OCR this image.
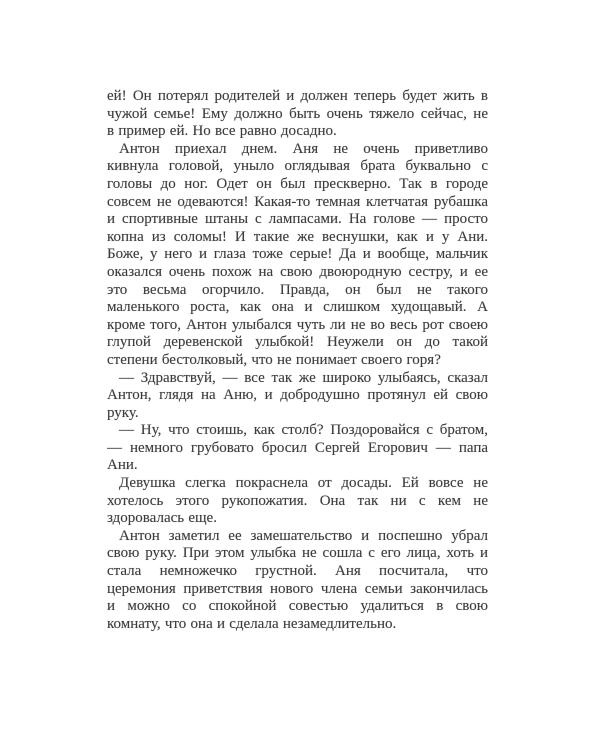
ей! Он потерял родителей и должен теперь будет жить в
чужой семье! Ему должно быть очень тяжело сейчас, не
в пример ей. Но все равно досадно.
Антон приехал днем. Аня не очень приветливо
кивнула головой, уныло оглядывая брата буквально с
головы до ног. Одет он был прескверно. Так в городе
совсем не одеваются! Какая-то темная клетчатая рубашка
и спортивные штаны с лампасами. На голове — просто
копна из соломы! И такие же веснушки, как и у Ани.
Боже, у него и глаза тоже серые! Да и вообще, мальчик
оказался очень похож на свою двоюродную сестру, и ее
это весьма огорчило. Правда, он был не такого
маленького роста, как она и слишком худощавый. А
кроме того, Антон улыбался чуть ли не во весь рот своею
глупой деревенской улыбкой! Неужели он до такой
степени бестолковый, что не понимает своего горя?
— Здравствуй, — все так же широко улыбаясь, сказал
Антон, глядя на Аню, и добродушно протянул ей свою
руку.
— Ну, что стоишь, как столб? Поздоровайся с братом,
— немного грубовато бросил Сергей Егорович — папа
Ани.
Девушка слегка покраснела от досады. Ей вовсе не
хотелось этого рукопожатия. Она так ни с кем не
здоровалась еще.
Антон заметил ее замешательство и поспешно убрал
свою руку. При этом улыбка не сошла с его лица, хоть и
стала немножечко грустной. Аня посчитала, что
церемония приветствия нового члена семьи закончилась
и можно со спокойной совестью удалиться в свою
комнату, что она и сделала незамедлительно.
